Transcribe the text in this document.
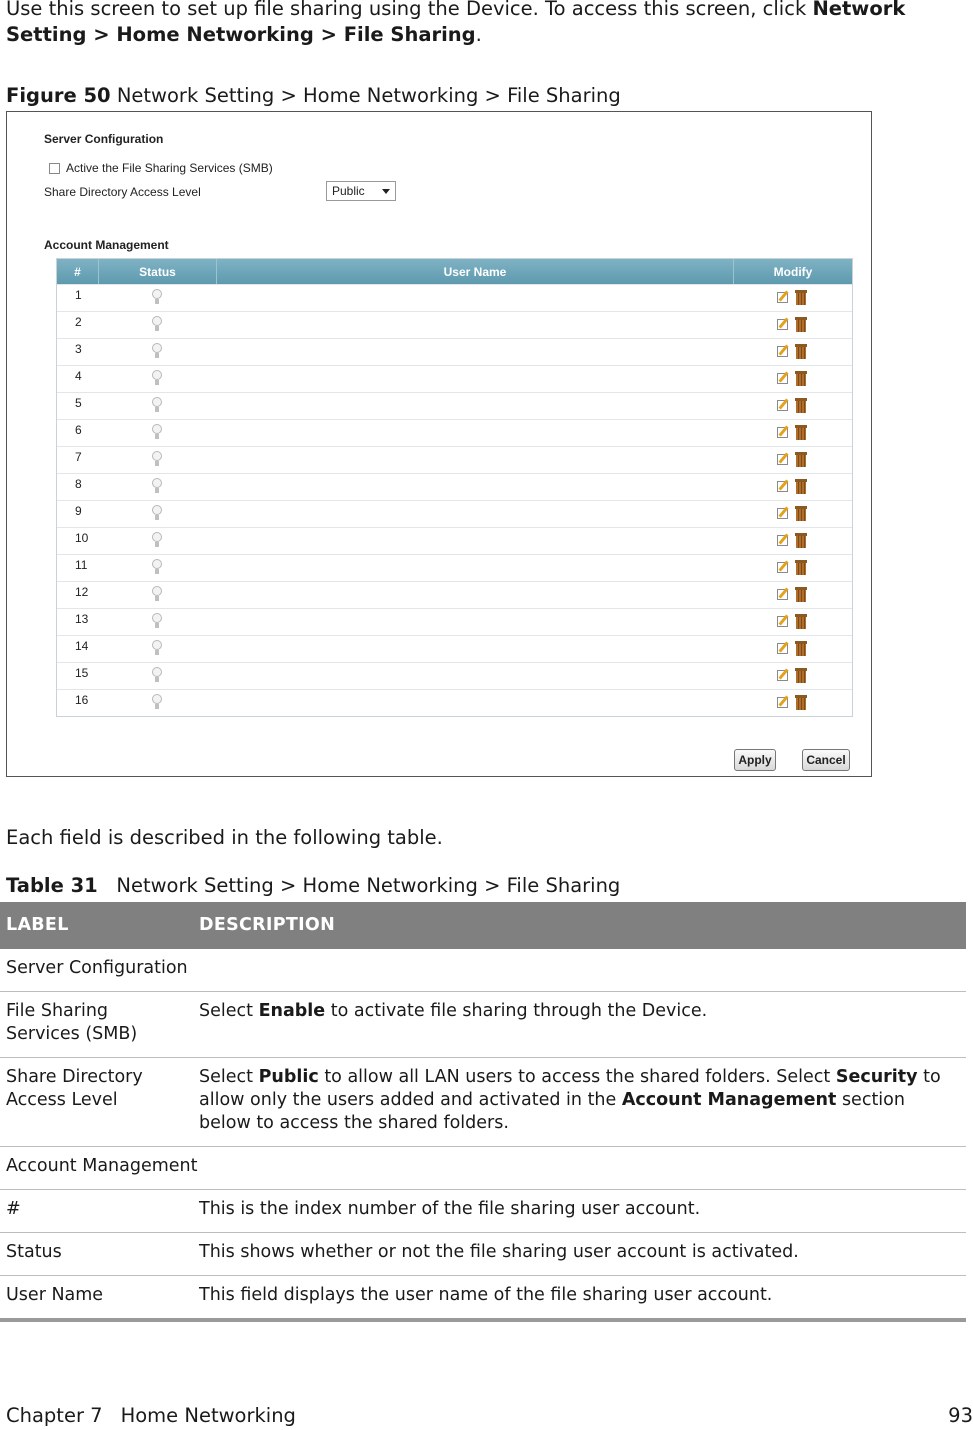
Use this screen to set up file sharing using the Device. To access this screen, click Network Setting > Home Networking > File Sharing.
Figure 50 Network Setting > Home Networking > File Sharing
Server Configuration
Active the File Sharing Services (SMB)
Share Directory Access Level	Public
Account Management
#	Status	User Name	Modify
1
2
3
4
5
6
7
8
9
10
11
12
13
14
15
16
Apply	Cancel
Each field is described in the following table.
Table 31 Network Setting > Home Networking > File Sharing
LABEL	DESCRIPTION
Server Configuration	
File Sharing Services (SMB)	Select Enable to activate file sharing through the Device.
Share Directory Access Level	Select Public to allow all LAN users to access the shared folders. Select Security to allow only the users added and activated in the Account Management section below to access the shared folders.
Account Management	
#	This is the index number of the file sharing user account.
Status	This shows whether or not the file sharing user account is activated.
User Name	This field displays the user name of the file sharing user account.
Chapter 7 Home Networking	93
